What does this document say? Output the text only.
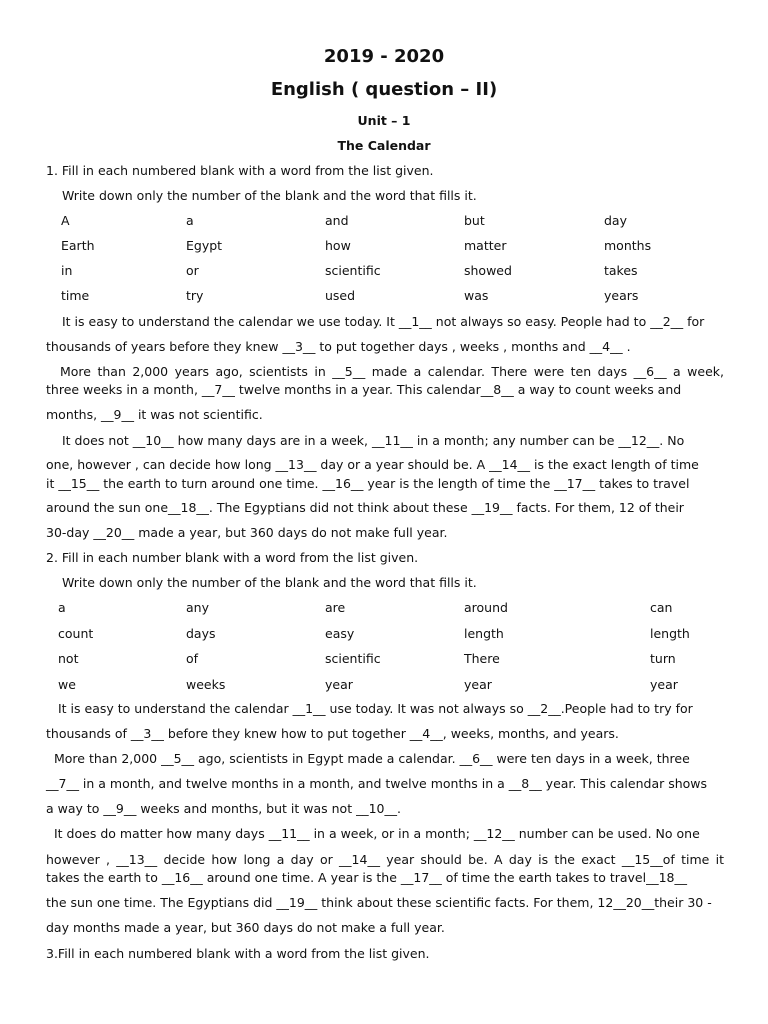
2019 - 2020
English ( question – II)
Unit – 1
The Calendar
1. Fill in each numbered blank with a word from the list given.
Write down only the number of the blank and the word that fills it.
A	a	and	but	day
Earth	Egypt	how	matter	months
in	or	scientific	showed	takes
time	try	used	was	years
It is easy to understand the calendar we use today. It __1__ not always so easy. People had to __2__ for
thousands of years before they knew __3__ to put together days , weeks , months and __4__ .
More than 2,000 years ago, scientists in __5__ made a calendar. There were ten days __6__ a week,
three weeks in a month, __7__ twelve months in a year. This calendar__8__ a way to count weeks and
months, __9__ it was not scientific.
It does not __10__ how many days are in a week, __11__ in a month; any number can be __12__. No
one, however , can decide how long __13__ day or a year should be. A __14__ is the exact length of time
it __15__ the earth to turn around one time. __16__ year is the length of time the __17__ takes to travel
around the sun one__18__. The Egyptians did not think about these __19__ facts. For them, 12 of their
30-day __20__ made a year, but 360 days do not make full year.
2. Fill in each number blank with a word from the list given.
Write down only the number of the blank and the word that fills it.
a	any	are	around	can
count	days	easy	length	length
not	of	scientific	There	turn
we	weeks	year	year	year
It is easy to understand the calendar __1__ use today. It was not always so __2__.People had to try for
thousands of __3__ before they knew how to put together __4__, weeks, months, and years.
More than 2,000 __5__ ago, scientists in Egypt made a calendar. __6__ were ten days in a week, three
__7__ in a month, and twelve months in a month, and twelve months in a __8__ year. This calendar shows
a way to __9__ weeks and months, but it was not __10__.
It does do matter how many days __11__ in a week, or in a month; __12__ number can be used. No one
however , __13__ decide how long a day or __14__ year should be. A day is the exact __15__of time it
takes the earth to __16__ around one time. A year is the __17__ of time the earth takes to travel__18__
the sun one time. The Egyptians did __19__ think about these scientific facts. For them, 12__20__their 30 -
day months made a year, but 360 days do not make a full year.
3.Fill in each numbered blank with a word from the list given.
